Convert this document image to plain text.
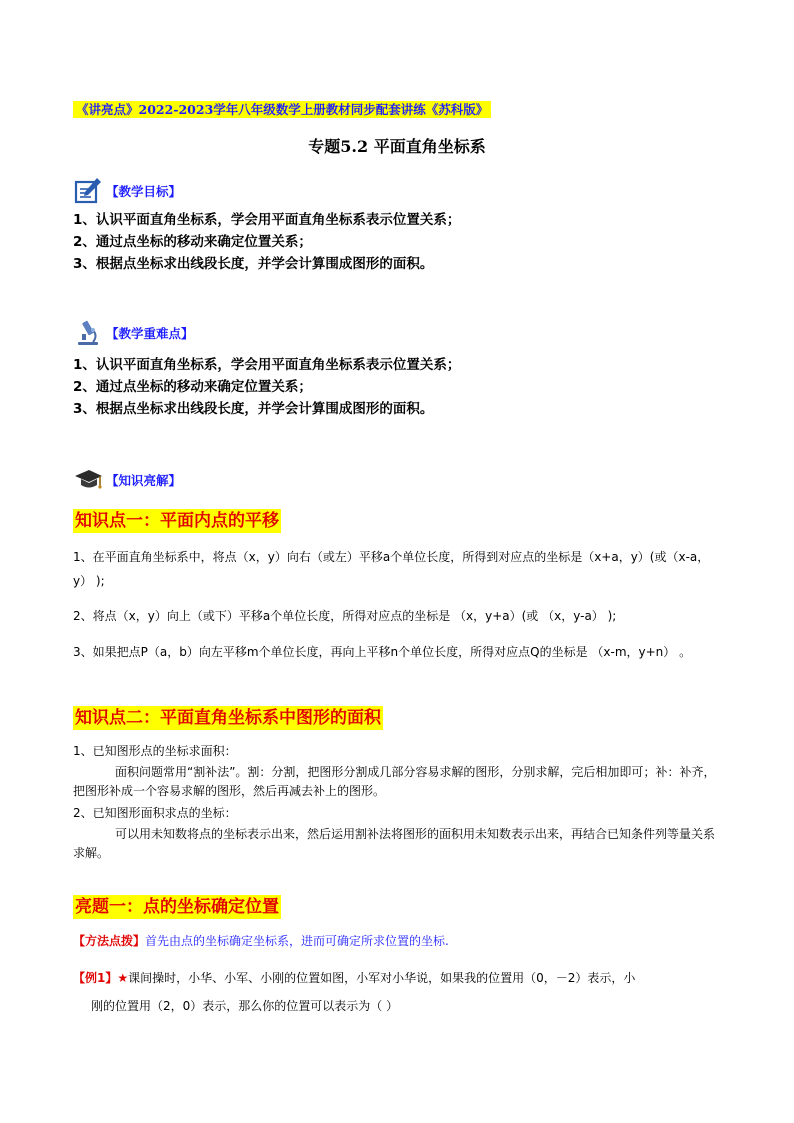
《讲亮点》2022-2023学年八年级数学上册教材同步配套讲练《苏科版》
专题5.2 平面直角坐标系
【教学目标】
1、认识平面直角坐标系，学会用平面直角坐标系表示位置关系；
2、通过点坐标的移动来确定位置关系；
3、根据点坐标求出线段长度，并学会计算围成图形的面积。
【教学重难点】
1、认识平面直角坐标系，学会用平面直角坐标系表示位置关系；
2、通过点坐标的移动来确定位置关系；
3、根据点坐标求出线段长度，并学会计算围成图形的面积。
【知识亮解】
知识点一：平面内点的平移
1、在平面直角坐标系中，将点（x，y）向右（或左）平移a个单位长度，所得到对应点的坐标是（x+a，y）(或（x-a，y） );
2、将点（x，y）向上（或下）平移a个单位长度，所得对应点的坐标是 （x，y+a）(或 （x，y-a） );
3、如果把点P（a，b）向左平移m个单位长度，再向上平移n个单位长度，所得对应点Q的坐标是 （x-m，y+n） 。
知识点二：平面直角坐标系中图形的面积
1、已知图形点的坐标求面积：
面积问题常用“割补法”。割：分割，把图形分割成几部分容易求解的图形，分别求解，完后相加即可；补：补齐，把图形补成一个容易求解的图形，然后再减去补上的图形。
2、已知图形面积求点的坐标：
可以用未知数将点的坐标表示出来，然后运用割补法将图形的面积用未知数表示出来，再结合已知条件列等量关系求解。
亮题一：点的坐标确定位置
【方法点拨】首先由点的坐标确定坐标系，进而可确定所求位置的坐标.
【例1】★课间操时，小华、小军、小刚的位置如图，小军对小华说，如果我的位置用（0，－2）表示，小
刚的位置用（2，0）表示，那么你的位置可以表示为（ ）
